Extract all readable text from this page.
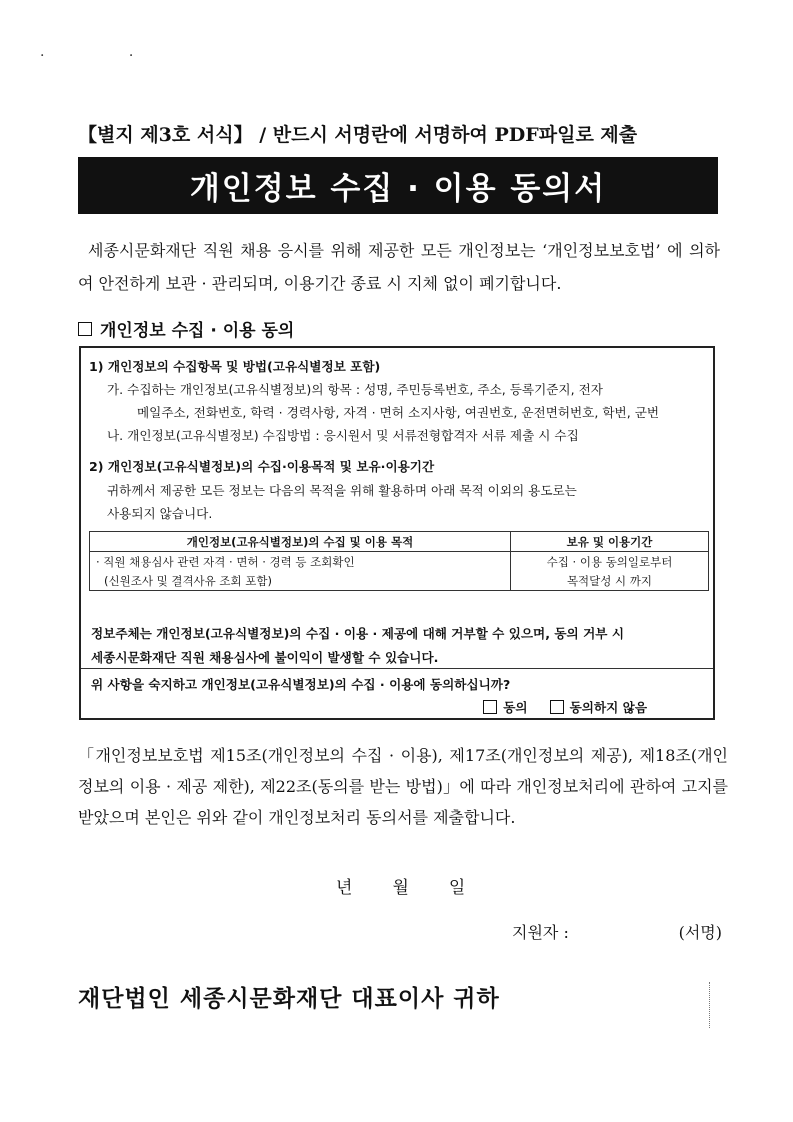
· ·
【별지 제3호 서식】 / 반드시 서명란에 서명하여 PDF파일로 제출
개인정보 수집 · 이용 동의서
세종시문화재단 직원 채용 응시를 위해 제공한 모든 개인정보는 ‘개인정보보호법’ 에 의하여 안전하게 보관 · 관리되며, 이용기간 종료 시 지체 없이 폐기합니다.
개인정보 수집 · 이용 동의
1) 개인정보의 수집항목 및 방법(고유식별정보 포함)
가. 수집하는 개인정보(고유식별정보)의 항목 : 성명, 주민등록번호, 주소, 등록기준지, 전자
메일주소, 전화번호, 학력 · 경력사항, 자격 · 면허 소지사항, 여권번호, 운전면허번호, 학번, 군번
나. 개인정보(고유식별정보) 수집방법 : 응시원서 및 서류전형합격자 서류 제출 시 수집
2) 개인정보(고유식별정보)의 수집·이용목적 및 보유·이용기간
귀하께서 제공한 모든 정보는 다음의 목적을 위해 활용하며 아래 목적 이외의 용도로는
사용되지 않습니다.
개인정보(고유식별정보)의 수집 및 이용 목적	보유 및 이용기간
· 직원 채용심사 관련 자격 · 면허 · 경력 등 조회확인	수집 · 이용 동의일로부터
(신원조사 및 결격사유 조회 포함)	목적달성 시 까지
정보주체는 개인정보(고유식별정보)의 수집 · 이용 · 제공에 대해 거부할 수 있으며, 동의 거부 시
세종시문화재단 직원 채용심사에 불이익이 발생할 수 있습니다.
위 사항을 숙지하고 개인정보(고유식별정보)의 수집 · 이용에 동의하십니까?
동의	동의하지 않음
「개인정보보호법 제15조(개인정보의 수집 · 이용), 제17조(개인정보의 제공), 제18조(개인정보의 이용 · 제공 제한), 제22조(동의를 받는 방법)」에 따라 개인정보처리에 관하여 고지를 받았으며 본인은 위와 같이 개인정보처리 동의서를 제출합니다.
년 월 일
지원자 :	(서명)
재단법인 세종시문화재단 대표이사 귀하
